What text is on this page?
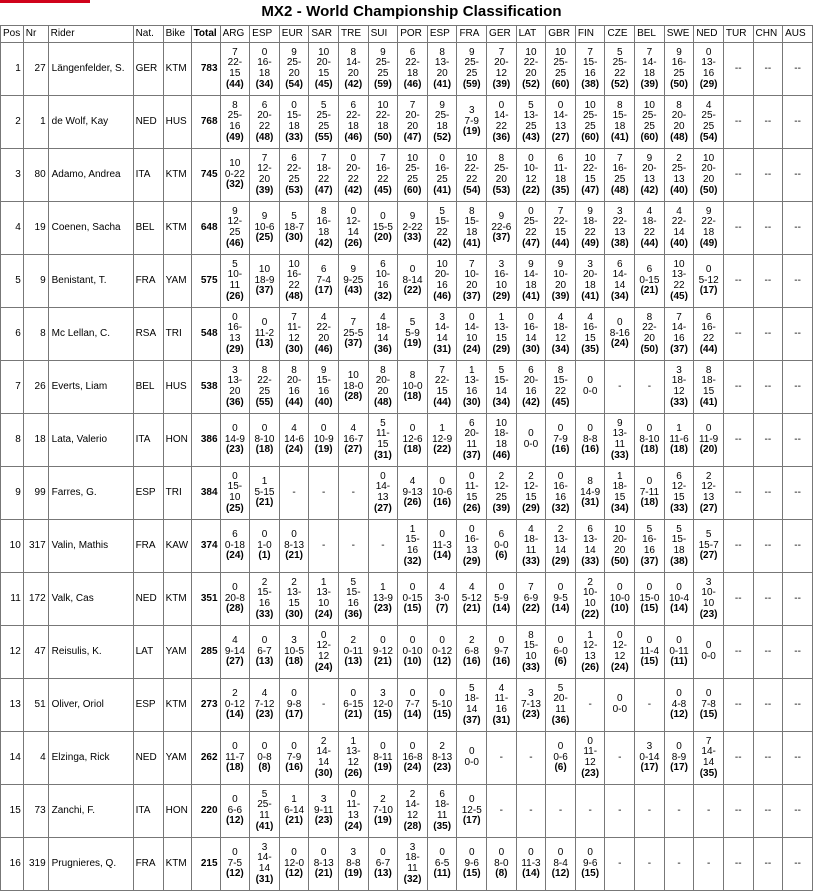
MX2 - World Championship Classification
Pos	Nr	Rider	Nat.	Bike	Total	ARG	ESP	EUR	SAR	TRE	SUI	POR	ESP	FRA	GER	LAT	GBR	FIN	CZE	BEL	SWE	NED	TUR	CHN	AUS
1	27	Längenfelder, S.	GER	KTM	783	7
22-
15
(44)	0
16-
18
(34)	9
25-
20
(54)	10
20-
15
(45)	8
14-
20
(42)	9
25-
25
(59)	6
22-
18
(46)	8
13-
20
(41)	9
25-
25
(59)	7
20-
12
(39)	10
22-
20
(52)	10
25-
25
(60)	7
15-
16
(38)	5
25-
22
(52)	7
14-
18
(39)	9
16-
25
(50)	0
13-
16
(29)	--	--	--

2	1	de Wolf, Kay	NED	HUS	768	8
25-
16
(49)	6
20-
22
(48)	0
15-
18
(33)	5
25-
25
(55)	6
22-
18
(46)	10
22-
18
(50)	7
20-
20
(47)	9
25-
18
(52)	3
7-9
(19)	0
14-
22
(36)	5
13-
25
(43)	0
14-
13
(27)	10
25-
25
(60)	8
15-
18
(41)	10
25-
25
(60)	8
20-
20
(48)	4
25-
25
(54)	--	--	--

3	80	Adamo, Andrea	ITA	KTM	745	10
0-22
(32)	7
12-
20
(39)	6
22-
25
(53)	7
18-
22
(47)	0
20-
22
(42)	7
16-
22
(45)	10
25-
25
(60)	0
16-
25
(41)	10
22-
22
(54)	8
25-
20
(53)	0
10-
12
(22)	6
11-
18
(35)	10
22-
15
(47)	7
16-
25
(48)	9
20-
13
(42)	2
25-
13
(40)	10
20-
20
(50)	--	--	--

4	19	Coenen, Sacha	BEL	KTM	648	9
12-
25
(46)	9
10-6
(25)	5
18-7
(30)	8
16-
18
(42)	0
12-
14
(26)	0
15-5
(20)	9
2-22
(33)	5
15-
22
(42)	8
15-
18
(41)	9
22-6
(37)	0
25-
22
(47)	7
22-
15
(44)	9
18-
22
(49)	3
22-
13
(38)	4
18-
22
(44)	4
22-
14
(40)	9
22-
18
(49)	--	--	--

5	9	Benistant, T.	FRA	YAM	575	5
10-
11
(26)	10
18-9
(37)	10
16-
22
(48)	6
7-4
(17)	9
9-25
(43)	6
10-
16
(32)	0
8-14
(22)	10
20-
16
(46)	7
10-
20
(37)	3
16-
10
(29)	9
14-
18
(41)	9
10-
20
(39)	3
20-
18
(41)	6
14-
14
(34)	6
0-15
(21)	10
13-
22
(45)	0
5-12
(17)	--	--	--

6	8	Mc Lellan, C.	RSA	TRI	548	0
16-
13
(29)	0
11-2
(13)	7
11-
12
(30)	4
22-
20
(46)	7
25-5
(37)	4
18-
14
(36)	5
5-9
(19)	3
14-
14
(31)	0
14-
10
(24)	1
13-
15
(29)	0
16-
14
(30)	4
18-
12
(34)	4
16-
15
(35)	0
8-16
(24)	8
22-
20
(50)	7
14-
16
(37)	6
16-
22
(44)	--	--	--

7	26	Everts, Liam	BEL	HUS	538	3
13-
20
(36)	8
22-
25
(55)	8
20-
16
(44)	9
15-
16
(40)	10
18-0
(28)	8
20-
20
(48)	8
10-0
(18)	7
22-
15
(44)	1
13-
16
(30)	5
15-
14
(34)	6
20-
16
(42)	8
15-
22
(45)	0
0-0	-	-	3
18-
12
(33)	8
18-
15
(41)	--	--	--

8	18	Lata, Valerio	ITA	HON	386	0
14-9
(23)	0
8-10
(18)	4
14-6
(24)	0
10-9
(19)	4
16-7
(27)	5
11-
15
(31)	0
12-6
(18)	1
12-9
(22)	6
20-
11
(37)	10
18-
18
(46)	0
0-0	0
7-9
(16)	0
8-8
(16)	9
13-
11
(33)	0
8-10
(18)	1
11-6
(18)	0
11-9
(20)	--	--	--

9	99	Farres, G.	ESP	TRI	384	0
15-
10
(25)	1
5-15
(21)	-	-	-	0
14-
13
(27)	4
9-13
(26)	0
10-6
(16)	0
11-
15
(26)	2
12-
25
(39)	2
12-
15
(29)	0
16-
16
(32)	8
14-9
(31)	1
18-
15
(34)	0
7-11
(18)	6
12-
15
(33)	2
12-
13
(27)	--	--	--

10	317	Valin, Mathis	FRA	KAW	374	6
0-18
(24)	0
1-0
(1)	0
8-13
(21)	-	-	-	1
15-
16
(32)	0
11-3
(14)	0
16-
13
(29)	6
0-0
(6)	4
18-
11
(33)	2
13-
14
(29)	6
13-
14
(33)	10
20-
20
(50)	5
16-
16
(37)	5
15-
18
(38)	5
15-7
(27)	--	--	--

11	172	Valk, Cas	NED	KTM	351	0
20-8
(28)	2
15-
16
(33)	2
13-
15
(30)	1
13-
10
(24)	5
15-
16
(36)	1
13-9
(23)	0
0-15
(15)	4
3-0
(7)	4
5-12
(21)	0
5-9
(14)	7
6-9
(22)	0
9-5
(14)	2
10-
10
(22)	0
10-0
(10)	0
15-0
(15)	0
10-4
(14)	3
10-
10
(23)	--	--	--

12	47	Reisulis, K.	LAT	YAM	285	4
9-14
(27)	0
6-7
(13)	3
10-5
(18)	0
12-
12
(24)	2
0-11
(13)	0
9-12
(21)	0
0-10
(10)	0
0-12
(12)	2
6-8
(16)	0
9-7
(16)	8
15-
10
(33)	0
6-0
(6)	1
12-
13
(26)	0
12-
12
(24)	0
11-4
(15)	0
0-11
(11)	0
0-0	--	--	--

13	51	Oliver, Oriol	ESP	KTM	273	2
0-12
(14)	4
7-12
(23)	0
9-8
(17)	-	0
6-15
(21)	3
12-0
(15)	0
7-7
(14)	0
5-10
(15)	5
18-
14
(37)	4
11-
16
(31)	3
7-13
(23)	5
20-
11
(36)	-	0
0-0	-	0
4-8
(12)	0
7-8
(15)	--	--	--

14	4	Elzinga, Rick	NED	YAM	262	0
11-7
(18)	0
0-8
(8)	0
7-9
(16)	2
14-
14
(30)	1
13-
12
(26)	0
8-11
(19)	0
16-8
(24)	2
8-13
(23)	0
0-0	-	-	0
0-6
(6)	0
11-
12
(23)	-	3
0-14
(17)	0
8-9
(17)	7
14-
14
(35)	--	--	--

15	73	Zanchi, F.	ITA	HON	220	0
6-6
(12)	5
25-
11
(41)	1
6-14
(21)	3
9-11
(23)	0
11-
13
(24)	2
7-10
(19)	2
14-
12
(28)	6
18-
11
(35)	0
12-5
(17)	-	-	-	-	-	-	-	-	--	--	--

16	319	Prugnieres, Q.	FRA	KTM	215	0
7-5
(12)	3
14-
14
(31)	0
12-0
(12)	0
8-13
(21)	3
8-8
(19)	0
6-7
(13)	3
18-
11
(32)	0
6-5
(11)	0
9-6
(15)	0
8-0
(8)	0
11-3
(14)	0
8-4
(12)	0
9-6
(15)	-	-	-	-	--	--	--
